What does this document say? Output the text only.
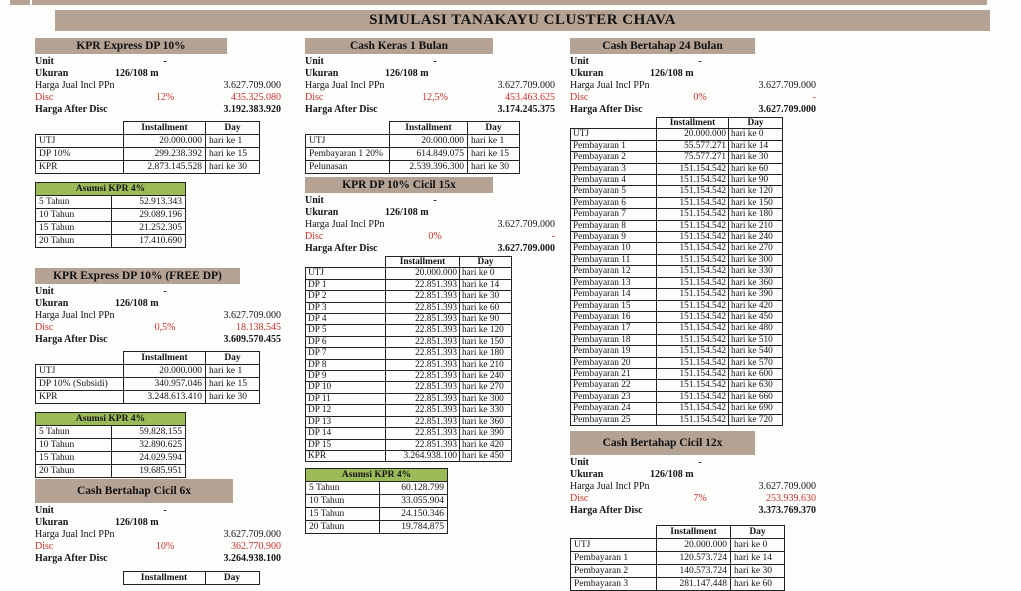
SIMULASI TANAKAYU CLUSTER CHAVA
KPR Express DP 10%
Unit	-
Ukuran	126/108 m
Harga Jual Incl PPn	3.627.709.000
Disc	12%	435.325.080
Harga After Disc	3.192.383.920
	Installment	Day
UTJ	20.000.000	hari ke 1
DP 10%	299.238.392	hari ke 15
KPR	2.873.145.528	hari ke 30
Asumsi KPR 4%	
5 Tahun	52.913.343
10 Tahun	29.089.196
15 Tahun	21.252.305
20 Tahun	17.410.690
KPR Express DP 10% (FREE DP)
Unit	-
Ukuran	126/108 m
Harga Jual Incl PPn	3.627.709.000
Disc	0,5%	18.138.545
Harga After Disc	3.609.570.455
	Installment	Day
UTJ	20.000.000	hari ke 1
DP 10% (Subsidi)	340.957.046	hari ke 15
KPR	3.248.613.410	hari ke 30
Asumsi KPR 4%	
5 Tahun	59.828.155
10 Tahun	32.890.625
15 Tahun	24.029.594
20 Tahun	19.685.951
Cash Bertahap Cicil 6x
Unit	-
Ukuran	126/108 m
Harga Jual Incl PPn	3.627.709.000
Disc	10%	362.770.900
Harga After Disc	3.264.938.100
	Installment	Day
Cash Keras 1 Bulan
Unit	-
Ukuran	126/108 m
Harga Jual Incl PPn	3.627.709.000
Disc	12,5%	453.463.625
Harga After Disc	3.174.245.375
	Installment	Day
UTJ	20.000.000	hari ke 1
Pembayaran 1 20%	614.849.075	hari ke 15
Pelunasan	2.539.396.300	hari ke 30
KPR DP 10% Cicil 15x
Unit	-
Ukuran	126/108 m
Harga Jual Incl PPn	3.627.709.000
Disc	0%	-
Harga After Disc	3.627.709.000
	Installment	Day
UTJ	20.000.000	hari ke 0
DP 1	22.851.393	hari ke 14
DP 2	22.851.393	hari ke 30
DP 3	22.851.393	hari ke 60
DP 4	22.851.393	hari ke 90
DP 5	22.851.393	hari ke 120
DP 6	22.851.393	hari ke 150
DP 7	22.851.393	hari ke 180
DP 8	22.851.393	hari ke 210
DP 9	22.851.393	hari ke 240
DP 10	22.851.393	hari ke 270
DP 11	22.851.393	hari ke 300
DP 12	22.851.393	hari ke 330
DP 13	22.851.393	hari ke 360
DP 14	22.851.393	hari ke 390
DP 15	22.851.393	hari ke 420
KPR	3.264.938.100	hari ke 450
Asumsi KPR 4%	
5 Tahun	60.128.799
10 Tahun	33.055.904
15 Tahun	24.150.346
20 Tahun	19.784.875
Cash Bertahap 24 Bulan
Unit	-
Ukuran	126/108 m
Harga Jual Incl PPn	3.627.709.000
Disc	0%	-
Harga After Disc	3.627.709.000
	Installment	Day
UTJ	20.000.000	hari ke 0
Pembayaran 1	55.577.271	hari ke 14
Pembayaran 2	75.577.271	hari ke 30
Pembayaran 3	151.154.542	hari ke 60
Pembayaran 4	151.154.542	hari ke 90
Pembayaran 5	151.154.542	hari ke 120
Pembayaran 6	151.154.542	hari ke 150
Pembayaran 7	151.154.542	hari ke 180
Pembayaran 8	151.154.542	hari ke 210
Pembayaran 9	151.154.542	hari ke 240
Pembayaran 10	151.154.542	hari ke 270
Pembayaran 11	151.154.542	hari ke 300
Pembayaran 12	151.154.542	hari ke 330
Pembayaran 13	151.154.542	hari ke 360
Pembayaran 14	151.154.542	hari ke 390
Pembayaran 15	151.154.542	hari ke 420
Pembayaran 16	151.154.542	hari ke 450
Pembayaran 17	151.154.542	hari ke 480
Pembayaran 18	151.154.542	hari ke 510
Pembayaran 19	151.154.542	hari ke 540
Pembayaran 20	151.154.542	hari ke 570
Pembayaran 21	151.154.542	hari ke 600
Pembayaran 22	151.154.542	hari ke 630
Pembayaran 23	151.154.542	hari ke 660
Pembayaran 24	151.154.542	hari ke 690
Pembayaran 25	151.154.542	hari ke 720
Cash Bertahap Cicil 12x
Unit	-
Ukuran	126/108 m
Harga Jual Incl PPn	3.627.709.000
Disc	7%	253.939.630
Harga After Disc	3.373.769.370
	Installment	Day
UTJ	20.000.000	hari ke 0
Pembayaran 1	120.573.724	hari ke 14
Pembayaran 2	140.573.724	hari ke 30
Pembayaran 3	281.147.448	hari ke 60
